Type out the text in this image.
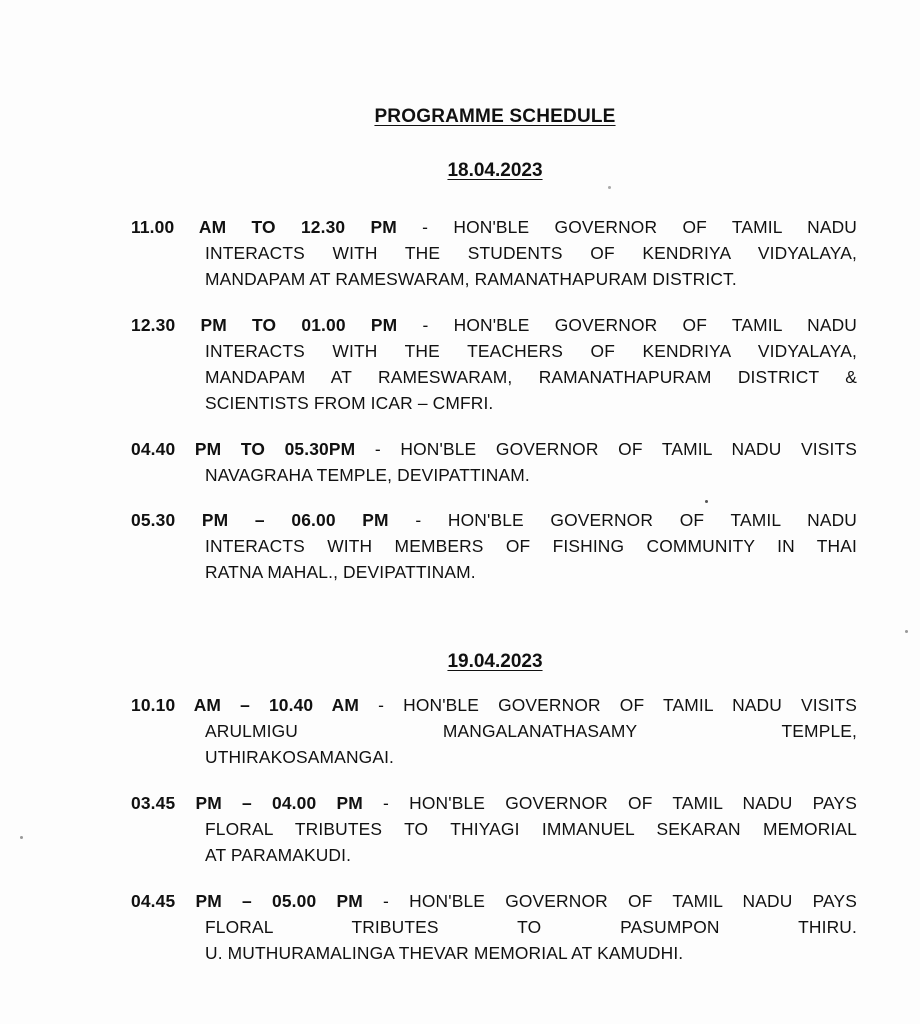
PROGRAMME SCHEDULE
18.04.2023
11.00 AM TO 12.30 PM - HON'BLE GOVERNOR OF TAMIL NADU
INTERACTS WITH THE STUDENTS OF KENDRIYA VIDYALAYA,
MANDAPAM AT RAMESWARAM, RAMANATHAPURAM DISTRICT.
12.30 PM TO 01.00 PM - HON'BLE GOVERNOR OF TAMIL NADU
INTERACTS WITH THE TEACHERS OF KENDRIYA VIDYALAYA,
MANDAPAM AT RAMESWARAM, RAMANATHAPURAM DISTRICT &
SCIENTISTS FROM ICAR – CMFRI.
04.40 PM TO 05.30PM - HON'BLE GOVERNOR OF TAMIL NADU VISITS
NAVAGRAHA TEMPLE, DEVIPATTINAM.
05.30 PM – 06.00 PM - HON'BLE GOVERNOR OF TAMIL NADU
INTERACTS WITH MEMBERS OF FISHING COMMUNITY IN THAI
RATNA MAHAL., DEVIPATTINAM.
19.04.2023
10.10 AM – 10.40 AM - HON'BLE GOVERNOR OF TAMIL NADU VISITS
ARULMIGU MANGALANATHASAMY TEMPLE,
UTHIRAKOSAMANGAI.
03.45 PM – 04.00 PM - HON'BLE GOVERNOR OF TAMIL NADU PAYS
FLORAL TRIBUTES TO THIYAGI IMMANUEL SEKARAN MEMORIAL
AT PARAMAKUDI.
04.45 PM – 05.00 PM - HON'BLE GOVERNOR OF TAMIL NADU PAYS
FLORAL TRIBUTES TO PASUMPON THIRU.
U. MUTHURAMALINGA THEVAR MEMORIAL AT KAMUDHI.
